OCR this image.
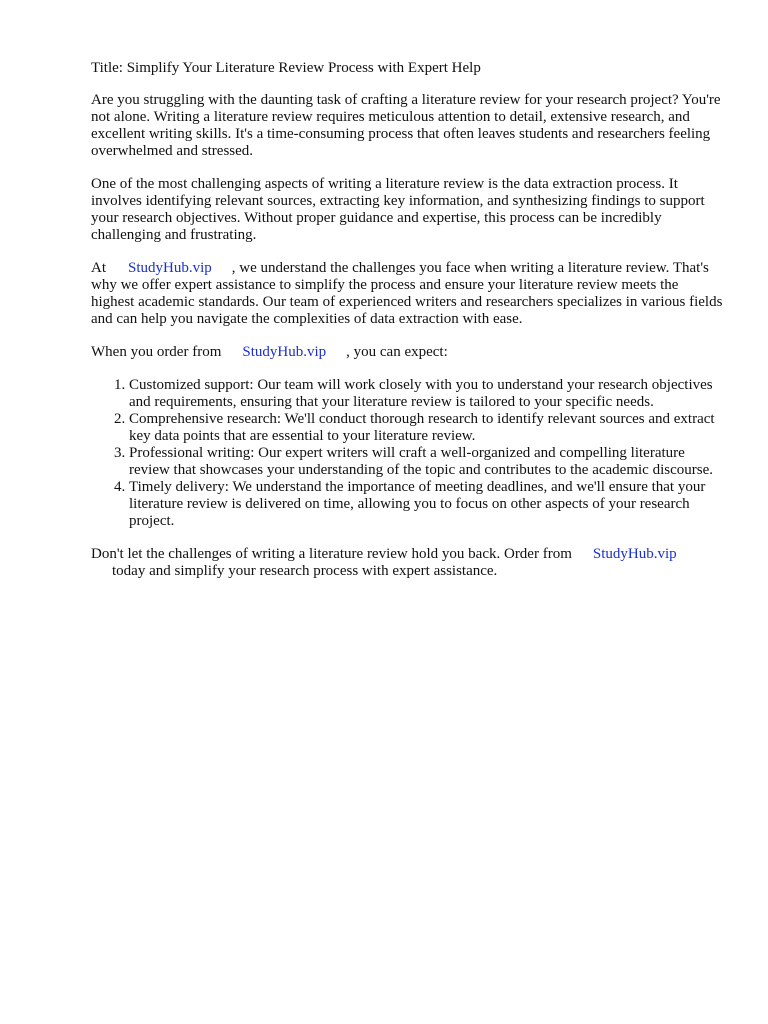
Title: Simplify Your Literature Review Process with Expert Help

Are you struggling with the daunting task of crafting a literature review for your research project? You're not alone. Writing a literature review requires meticulous attention to detail, extensive research, and excellent writing skills. It's a time-consuming process that often leaves students and researchers feeling overwhelmed and stressed.

One of the most challenging aspects of writing a literature review is the data extraction process. It involves identifying relevant sources, extracting key information, and synthesizing findings to support your research objectives. Without proper guidance and expertise, this process can be incredibly challenging and frustrating.

At StudyHub.vip , we understand the challenges you face when writing a literature review. That's why we offer expert assistance to simplify the process and ensure your literature review meets the highest academic standards. Our team of experienced writers and researchers specializes in various fields and can help you navigate the complexities of data extraction with ease.

When you order from StudyHub.vip , you can expect:

1. Customized support: Our team will work closely with you to understand your research objectives and requirements, ensuring that your literature review is tailored to your specific needs.
2. Comprehensive research: We'll conduct thorough research to identify relevant sources and extract key data points that are essential to your literature review.
3. Professional writing: Our expert writers will craft a well-organized and compelling literature review that showcases your understanding of the topic and contributes to the academic discourse.
4. Timely delivery: We understand the importance of meeting deadlines, and we'll ensure that your literature review is delivered on time, allowing you to focus on other aspects of your research project.

Don't let the challenges of writing a literature review hold you back. Order from StudyHub.vip
today and simplify your research process with expert assistance.
